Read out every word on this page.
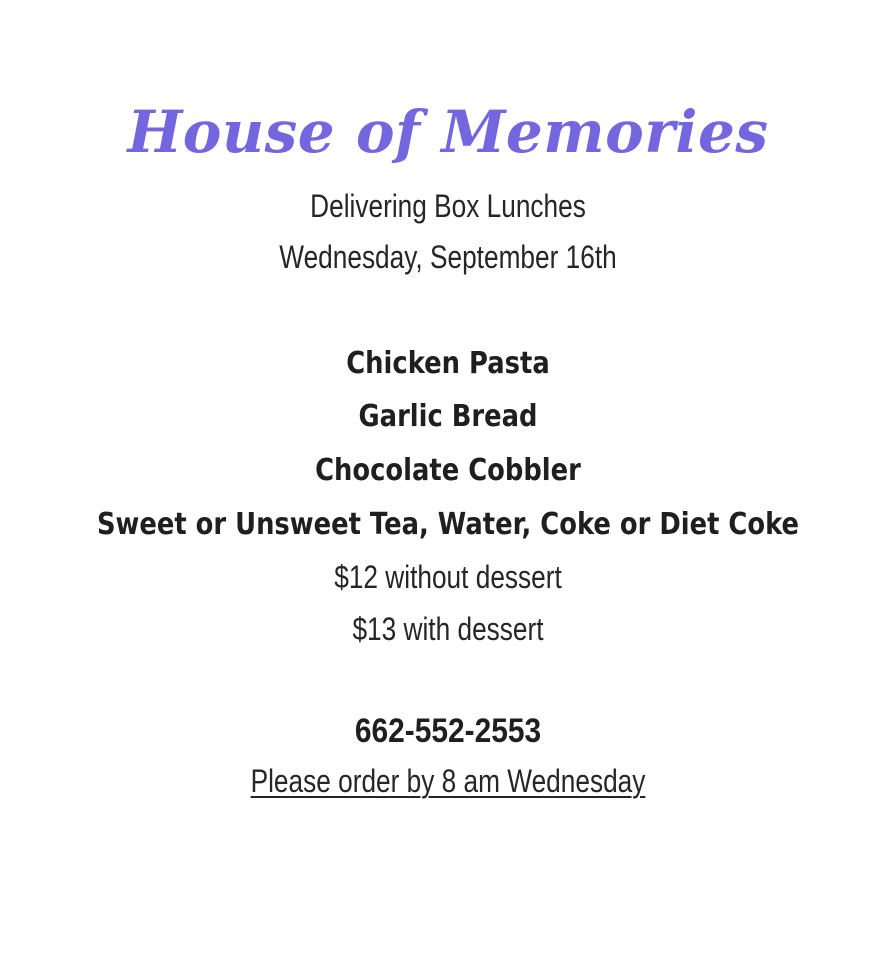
House of Memories

Delivering Box Lunches

Wednesday, September 16th

Chicken Pasta

Garlic Bread

Chocolate Cobbler

Sweet or Unsweet Tea, Water, Coke or Diet Coke

$12 without dessert

$13 with dessert

662-552-2553

Please order by 8 am Wednesday
